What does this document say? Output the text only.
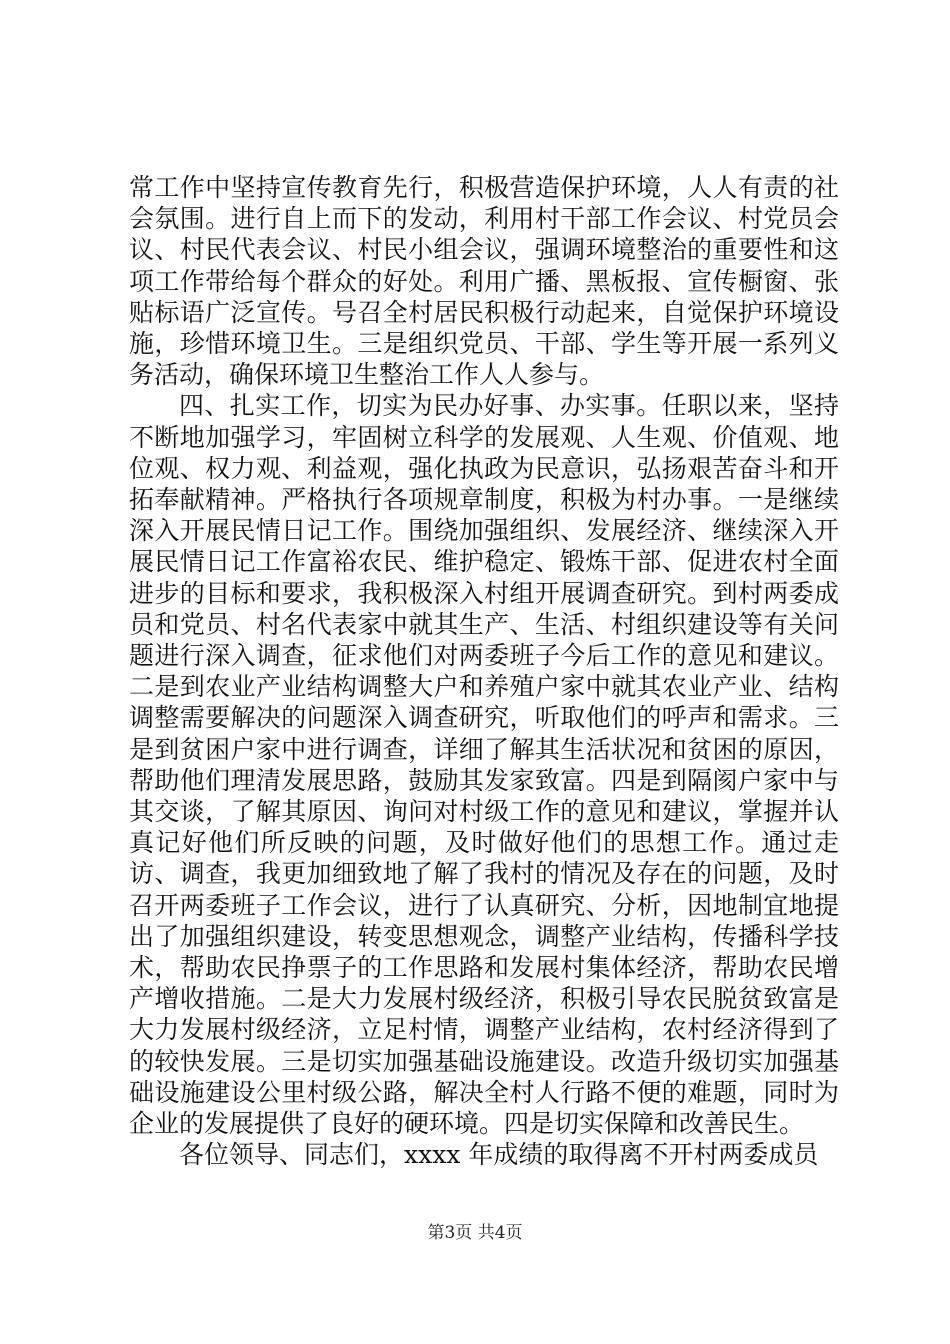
常工作中坚持宣传教育先行，积极营造保护环境，人人有责的社会氛围。进行自上而下的发动，利用村干部工作会议、村党员会议、村民代表会议、村民小组会议，强调环境整治的重要性和这项工作带给每个群众的好处。利用广播、黑板报、宣传橱窗、张贴标语广泛宣传。号召全村居民积极行动起来，自觉保护环境设施，珍惜环境卫生。三是组织党员、干部、学生等开展一系列义务活动，确保环境卫生整治工作人人参与。

四、扎实工作，切实为民办好事、办实事。任职以来，坚持不断地加强学习，牢固树立科学的发展观、人生观、价值观、地位观、权力观、利益观，强化执政为民意识，弘扬艰苦奋斗和开拓奉献精神。严格执行各项规章制度，积极为村办事。一是继续深入开展民情日记工作。围绕加强组织、发展经济、继续深入开展民情日记工作富裕农民、维护稳定、锻炼干部、促进农村全面进步的目标和要求，我积极深入村组开展调查研究。到村两委成员和党员、村名代表家中就其生产、生活、村组织建设等有关问题进行深入调查，征求他们对两委班子今后工作的意见和建议。二是到农业产业结构调整大户和养殖户家中就其农业产业、结构调整需要解决的问题深入调查研究，听取他们的呼声和需求。三是到贫困户家中进行调查，详细了解其生活状况和贫困的原因，帮助他们理清发展思路，鼓励其发家致富。四是到隔阂户家中与其交谈，了解其原因、询问对村级工作的意见和建议，掌握并认真记好他们所反映的问题，及时做好他们的思想工作。通过走访、调查，我更加细致地了解了我村的情况及存在的问题，及时召开两委班子工作会议，进行了认真研究、分析，因地制宜地提出了加强组织建设，转变思想观念，调整产业结构，传播科学技术，帮助农民挣票子的工作思路和发展村集体经济，帮助农民增产增收措施。二是大力发展村级经济，积极引导农民脱贫致富是大力发展村级经济，立足村情，调整产业结构，农村经济得到了的较快发展。三是切实加强基础设施建设。改造升级切实加强基础设施建设公里村级公路，解决全村人行路不便的难题，同时为企业的发展提供了良好的硬环境。四是切实保障和改善民生。

各位领导、同志们，xxxx 年成绩的取得离不开村两委成员

第3页 共4页
